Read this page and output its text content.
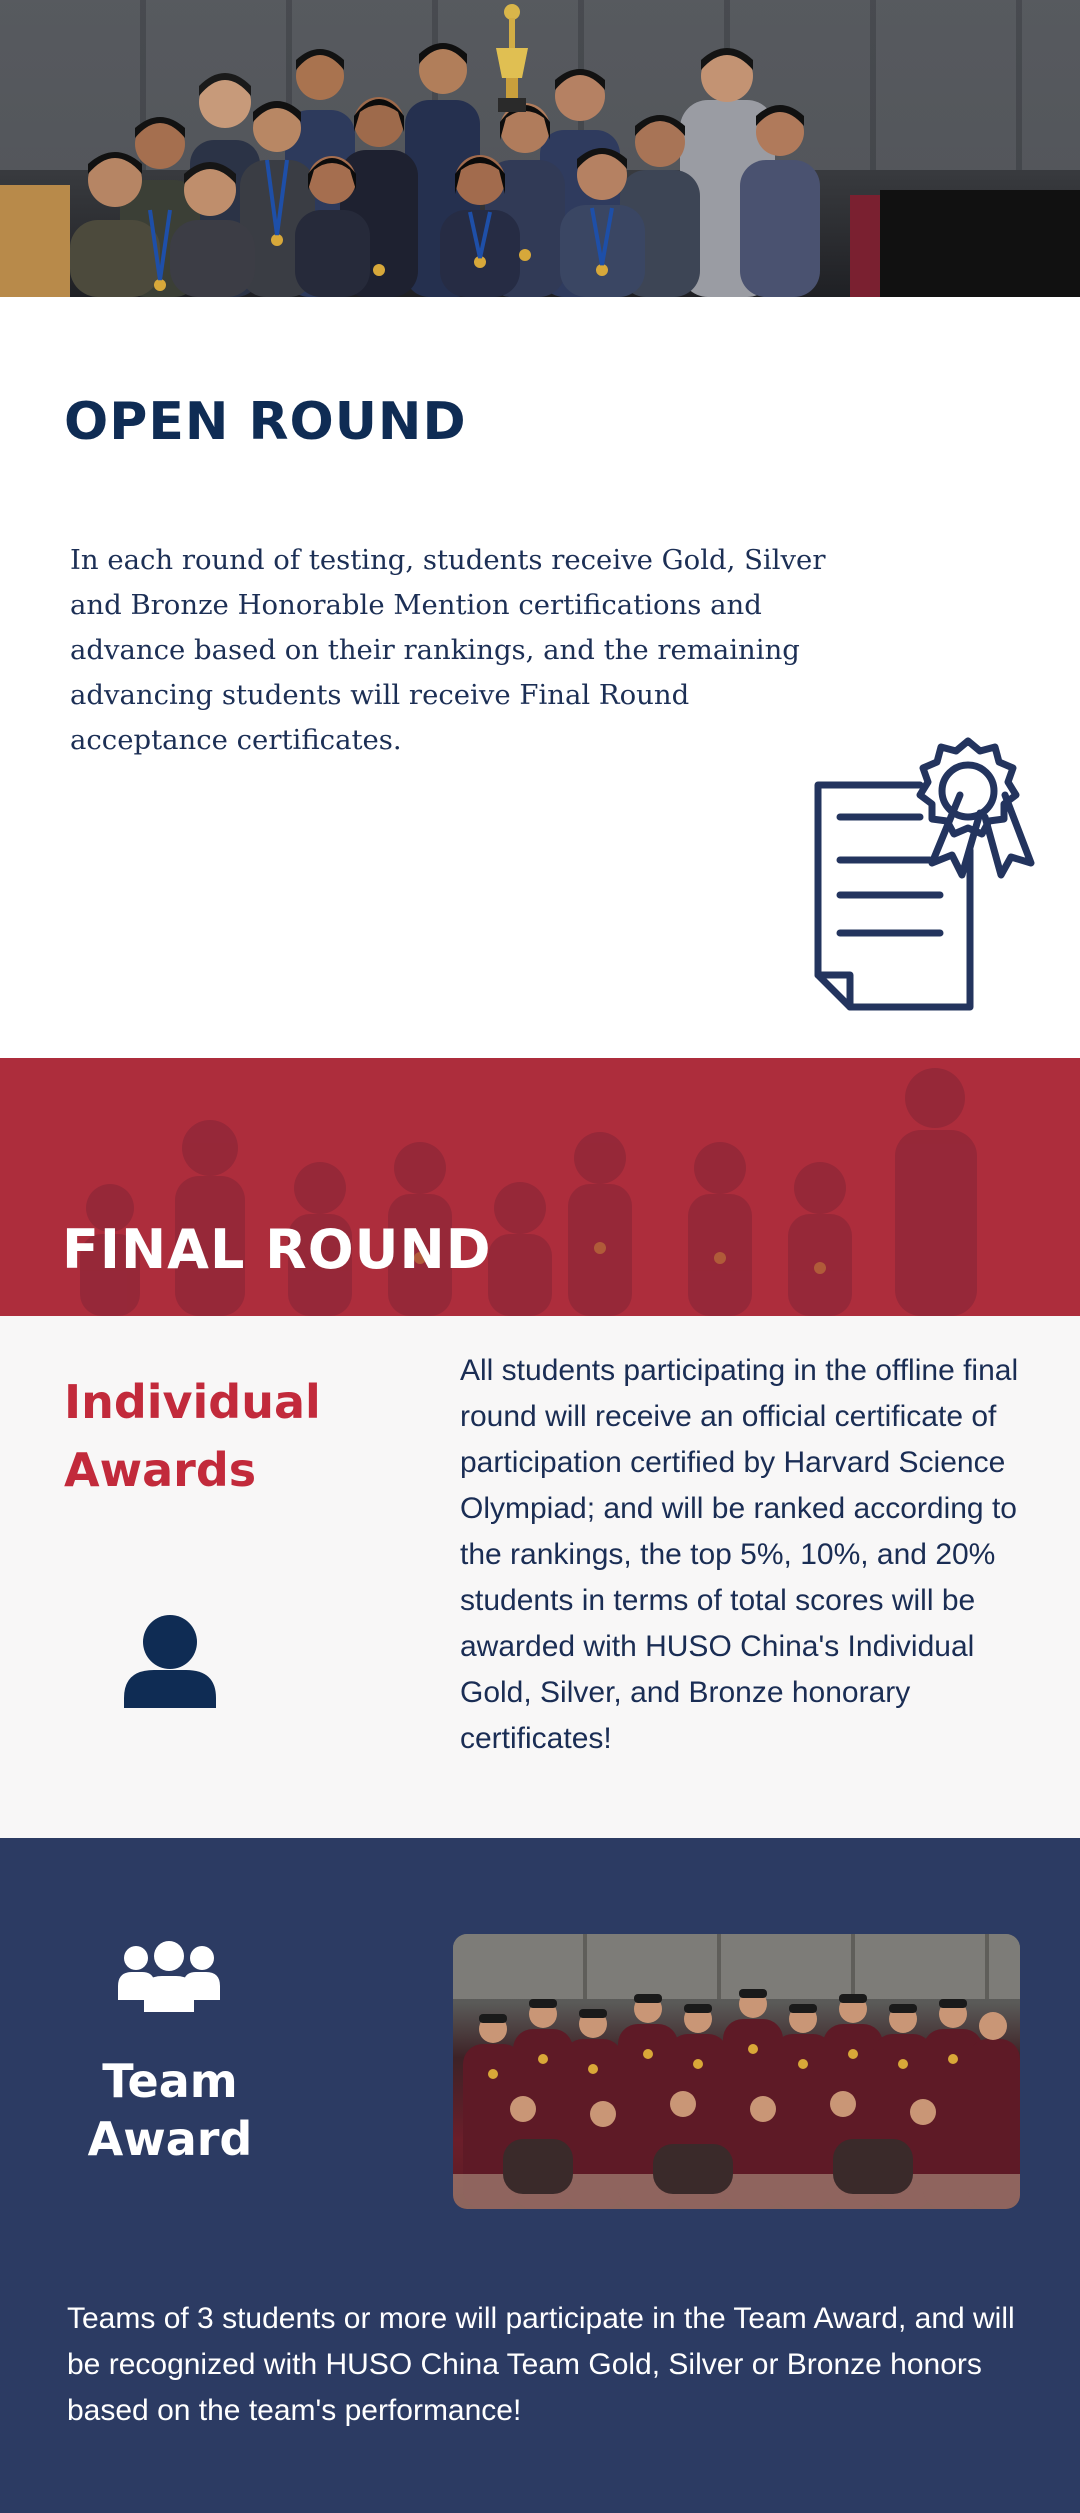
OPEN ROUND

In each round of testing, students receive Gold, Silver and Bronze Honorable Mention certifications and advance based on their rankings, and the remaining advancing students will receive Final Round acceptance certificates.

FINAL ROUND
Individual Awards

All students participating in the offline final round will receive an official certificate of participation certified by Harvard Science Olympiad; and will be ranked according to the rankings, the top 5%, 10%, and 20% students in terms of total scores will be awarded with HUSO China's Individual Gold, Silver, and Bronze honorary certificates!

Team Award

Teams of 3 students or more will participate in the Team Award, and will be recognized with HUSO China Team Gold, Silver or Bronze honors based on the team's performance!
